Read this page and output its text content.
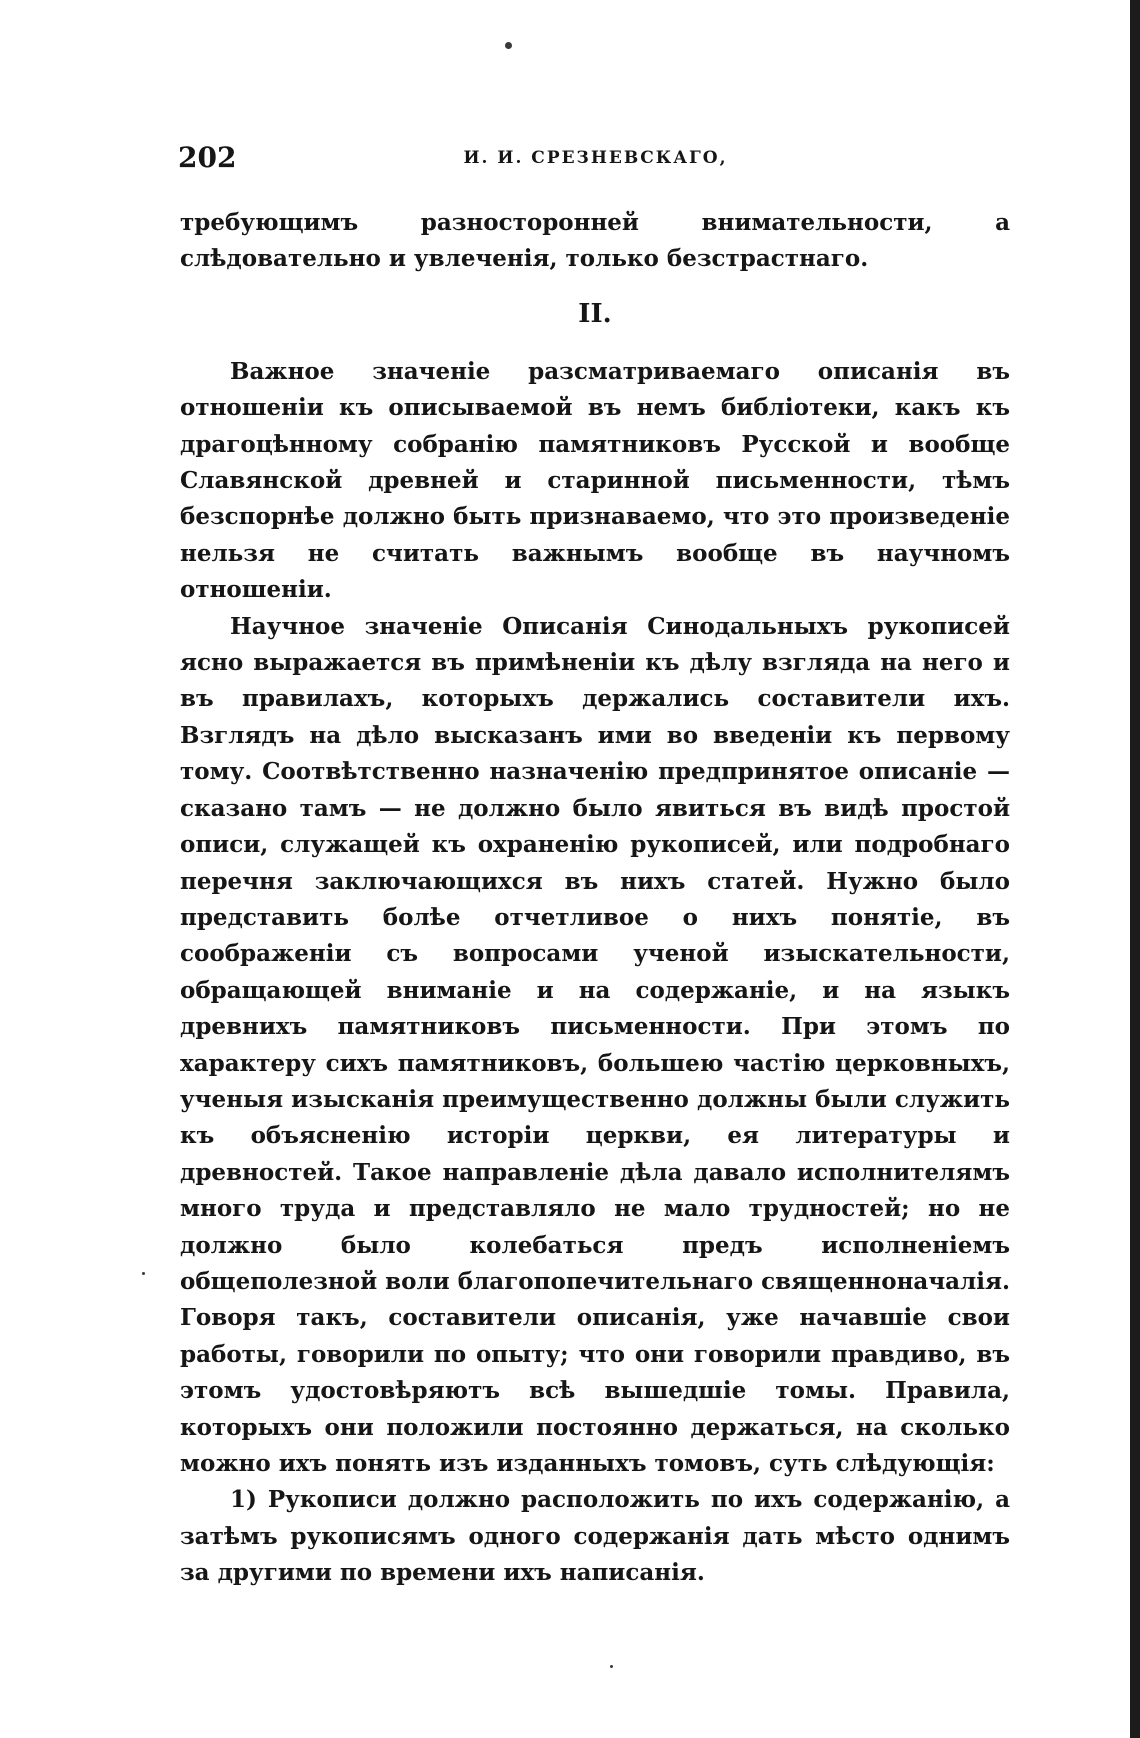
202	И. И. СРЕЗНЕВСКАГО,

требующимъ разносторонней внимательности, а слѣдовательно и увлеченія, только безстрастнаго.

II.

Важное значеніе разсматриваемаго описанія въ отношеніи къ описываемой въ немъ библіотеки, какъ къ драгоцѣнному собранію памятниковъ Русской и вообще Славянской древней и старинной письменности, тѣмъ безспорнѣе должно быть признаваемо, что это произведеніе нельзя не считать важнымъ вообще въ научномъ отношеніи.

Научное значеніе Описанія Синодальныхъ рукописей ясно выражается въ примѣненіи къ дѣлу взгляда на него и въ правилахъ, которыхъ держались составители ихъ. Взглядъ на дѣло высказанъ ими во введеніи къ первому тому. Соотвѣтственно назначенію предпринятое описаніе — сказано тамъ — не должно было явиться въ видѣ простой описи, служащей къ охраненію рукописей, или подробнаго перечня заключающихся въ нихъ статей. Нужно было представить болѣе отчетливое о нихъ понятіе, въ соображеніи съ вопросами ученой изыскательности, обращающей вниманіе и на содержаніе, и на языкъ древнихъ памятниковъ письменности. При этомъ по характеру сихъ памятниковъ, большею частію церковныхъ, ученыя изысканія преимущественно должны были служить къ объясненію исторіи церкви, ея литературы и древностей. Такое направленіе дѣла давало исполнителямъ много труда и представляло не мало трудностей; но не должно было колебаться предъ исполненіемъ общеполезной воли благопопечительнаго священноначалія. Говоря такъ, составители описанія, уже начавшіе свои работы, говорили по опыту; что они говорили правдиво, въ этомъ удостовѣряютъ всѣ вышедшіе томы. Правила, которыхъ они положили постоянно держаться, на сколько можно ихъ понять изъ изданныхъ томовъ, суть слѣдующія:

1) Рукописи должно расположить по ихъ содержанію, а затѣмъ рукописямъ одного содержанія дать мѣсто однимъ за другими по времени ихъ написанія.
